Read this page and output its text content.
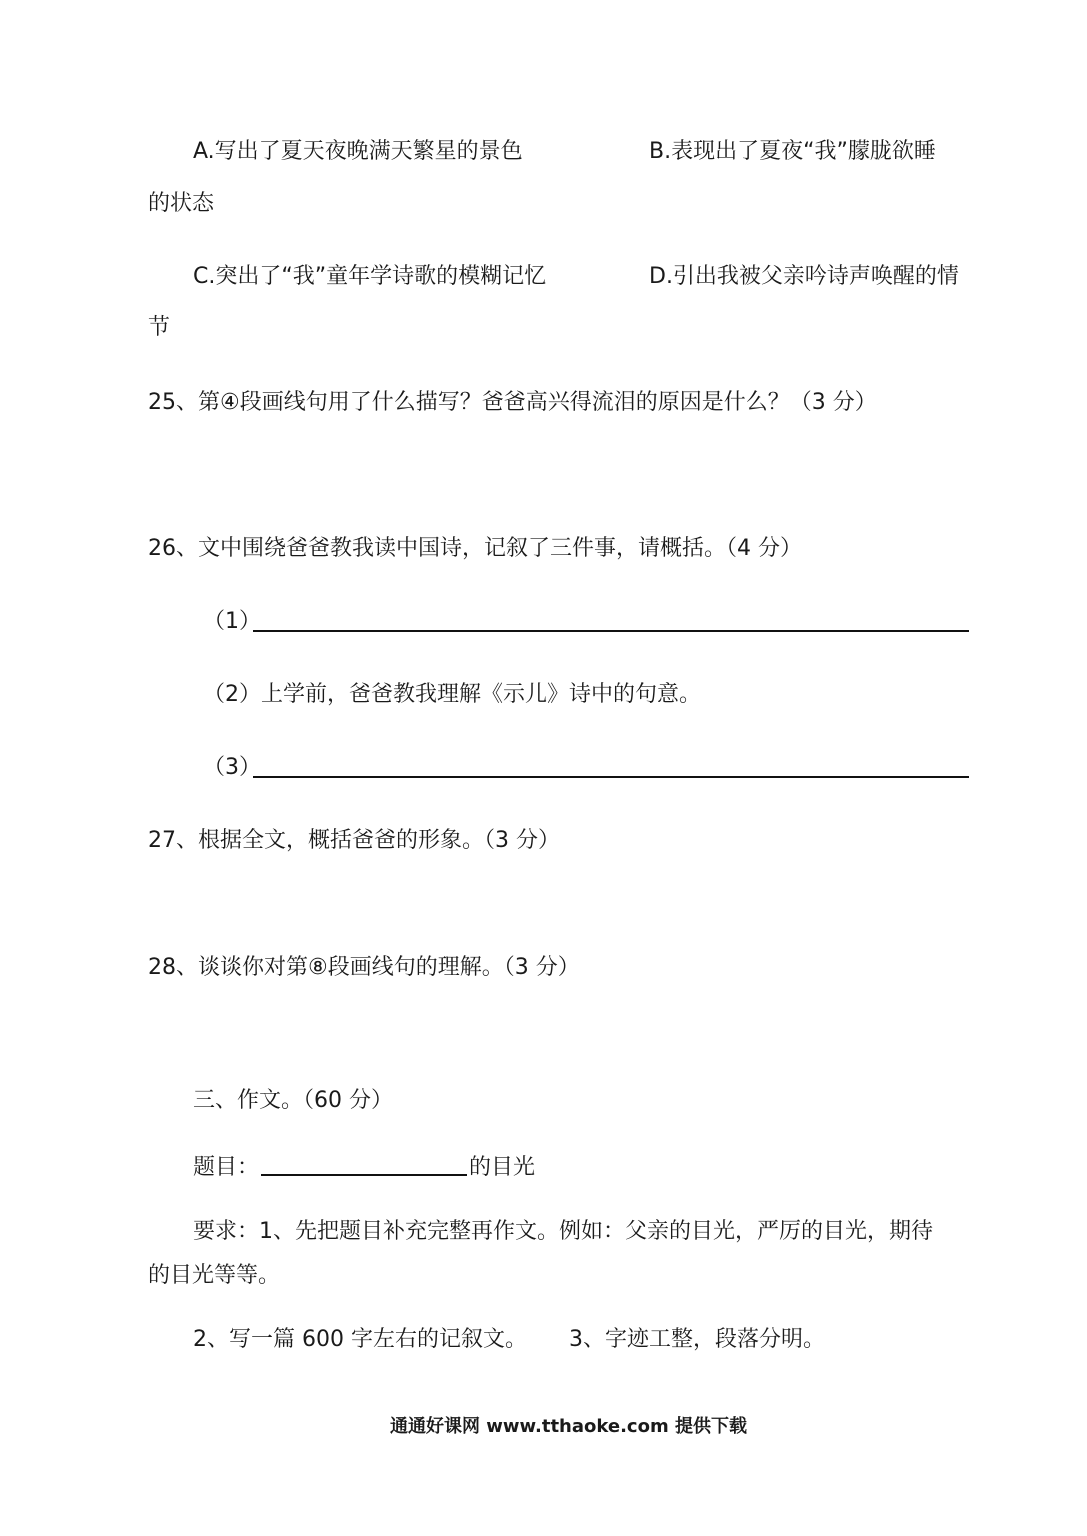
A.写出了夏天夜晚满天繁星的景色	B.表现出了夏夜“我”朦胧欲睡
的状态
C.突出了“我”童年学诗歌的模糊记忆	D.引出我被父亲吟诗声唤醒的情
节
25、第④段画线句用了什么描写？爸爸高兴得流泪的原因是什么？（3 分）
26、文中围绕爸爸教我读中国诗，记叙了三件事，请概括。（4 分）
（1）
（2）上学前，爸爸教我理解《示儿》诗中的句意。
（3）
27、根据全文，概括爸爸的形象。（3 分）
28、谈谈你对第⑧段画线句的理解。（3 分）
三、作文。（60 分）
题目：	的目光
要求：1、先把题目补充完整再作文。例如：父亲的目光，严厉的目光，期待
的目光等等。
2、写一篇 600 字左右的记叙文。 3、字迹工整，段落分明。
通通好课网 www.tthaoke.com 提供下载
